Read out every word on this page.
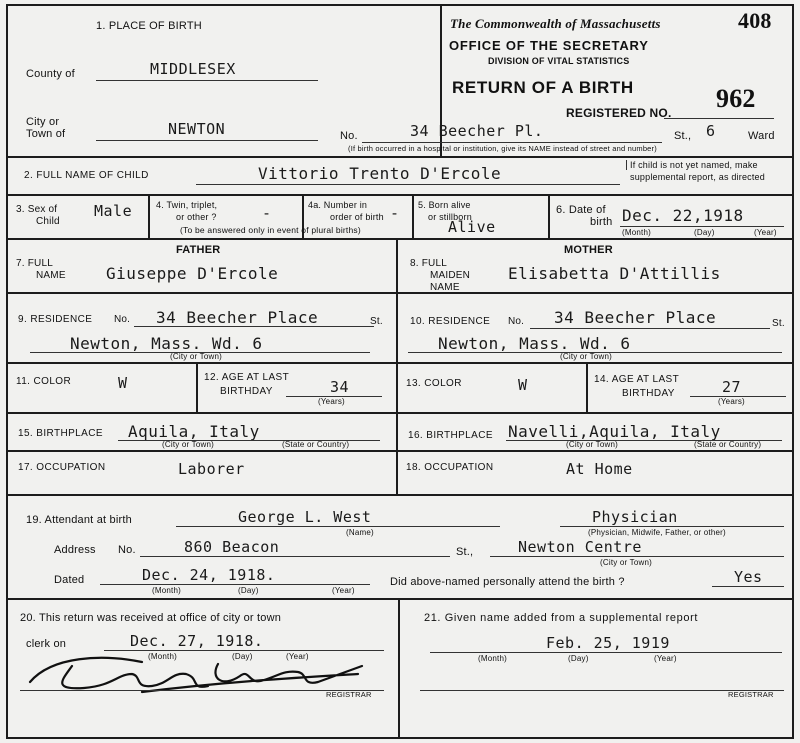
The Commonwealth of Massachusetts
OFFICE OF THE SECRETARY
DIVISION OF VITAL STATISTICS
RETURN OF A BIRTH
408
REGISTERED NO. 962
1. PLACE OF BIRTH
County of	MIDDLESEX
City or
Town of	NEWTON	No.	34 Beecher Pl.	St., 6	Ward
(If birth occurred in a hospital or institution, give its NAME instead of street and number)
2. FULL NAME OF CHILD	Vittorio Trento D'Ercole	If child is not yet named, make
supplemental report, as directed
3. Sex of
Child
Male	4. Twin, triplet,
or other ?	-	4a. Number in
order of birth -
(To be answered only in event of plural births)
5. Born alive
or stillborn
Alive
6. Date of
birth Dec. 22,1918
(Month)	(Day)	(Year)
FATHER
7. FULL
NAME	Giuseppe D'Ercole
9. RESIDENCE No. 34 Beecher Place	St.
Newton, Mass. Wd. 6
(City or Town)
11. COLOR	W	12. AGE AT LAST
BIRTHDAY	34
(Years)
15. BIRTHPLACE Aquila, Italy
(City or Town)	(State or Country)
17. OCCUPATION	Laborer
MOTHER
8. FULL
MAIDEN
NAME
Elisabetta D'Attillis
10. RESIDENCE No. 34 Beecher Place	St.
Newton, Mass. Wd. 6
(City or Town)
13. COLOR	W	14. AGE AT LAST
BIRTHDAY	27
(Years)
16. BIRTHPLACE Navelli,Aquila, Italy
(City or Town)	(State or Country)
18. OCCUPATION	At Home
19. Attendant at birth	George L. West
(Name)
Physician
(Physician, Midwife, Father, or other)
Address No.	860 Beacon	St.,	Newton Centre
(City or Town)
Dated	Dec. 24, 1918.
(Month)	(Day)	(Year)
Did above-named personally attend the birth ?	Yes
20. This return was received at office of city or town
clerk on	Dec. 27, 1918.
(Month)	(Day)	(Year)
REGISTRAR
21. Given name added from a supplemental report
Feb. 25, 1919
(Month)	(Day)	(Year)
REGISTRAR
